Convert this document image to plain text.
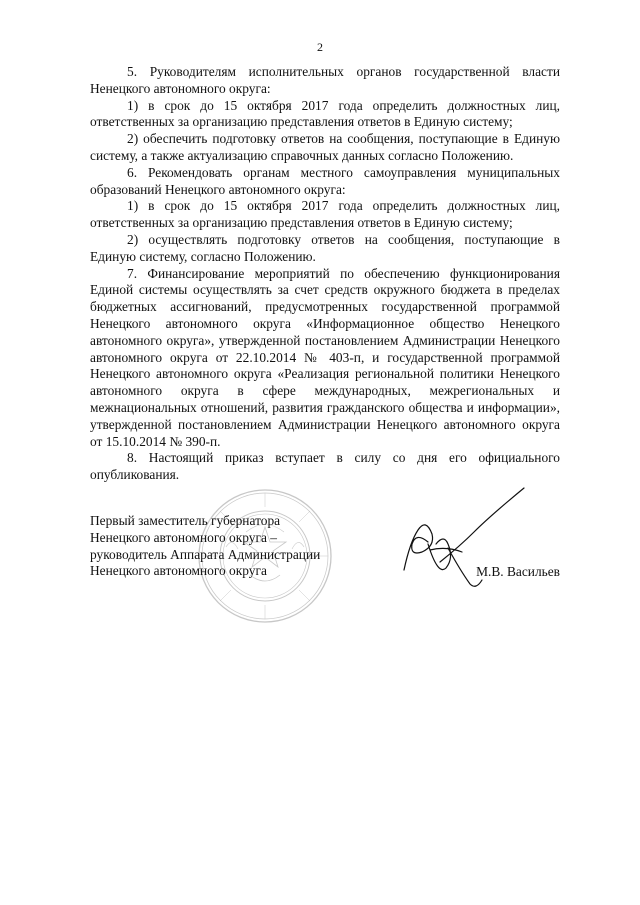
2

5. Руководителям исполнительных органов государственной власти Ненецкого автономного округа:

1) в срок до 15 октября 2017 года определить должностных лиц, ответственных за организацию представления ответов в Единую систему;

2) обеспечить подготовку ответов на сообщения, поступающие в Единую систему, а также актуализацию справочных данных согласно Положению.

6. Рекомендовать органам местного самоуправления муниципальных образований Ненецкого автономного округа:

1) в срок до 15 октября 2017 года определить должностных лиц, ответственных за организацию представления ответов в Единую систему;

2) осуществлять подготовку ответов на сообщения, поступающие в Единую систему, согласно Положению.

7. Финансирование мероприятий по обеспечению функционирования Единой системы осуществлять за счет средств окружного бюджета в пределах бюджетных ассигнований, предусмотренных государственной программой Ненецкого автономного округа «Информационное общество Ненецкого автономного округа», утвержденной постановлением Администрации Ненецкого автономного округа от 22.10.2014 № 403-п, и государственной программой Ненецкого автономного округа «Реализация региональной политики Ненецкого автономного округа в сфере международных, межрегиональных и межнациональных отношений, развития гражданского общества и информации», утвержденной постановлением Администрации Ненецкого автономного округа от 15.10.2014 № 390-п.

8. Настоящий приказ вступает в силу со дня его официального опубликования.

Первый заместитель губернатора
Ненецкого автономного округа –
руководитель Аппарата Администрации
Ненецкого автономного округа	М.В. Васильев
